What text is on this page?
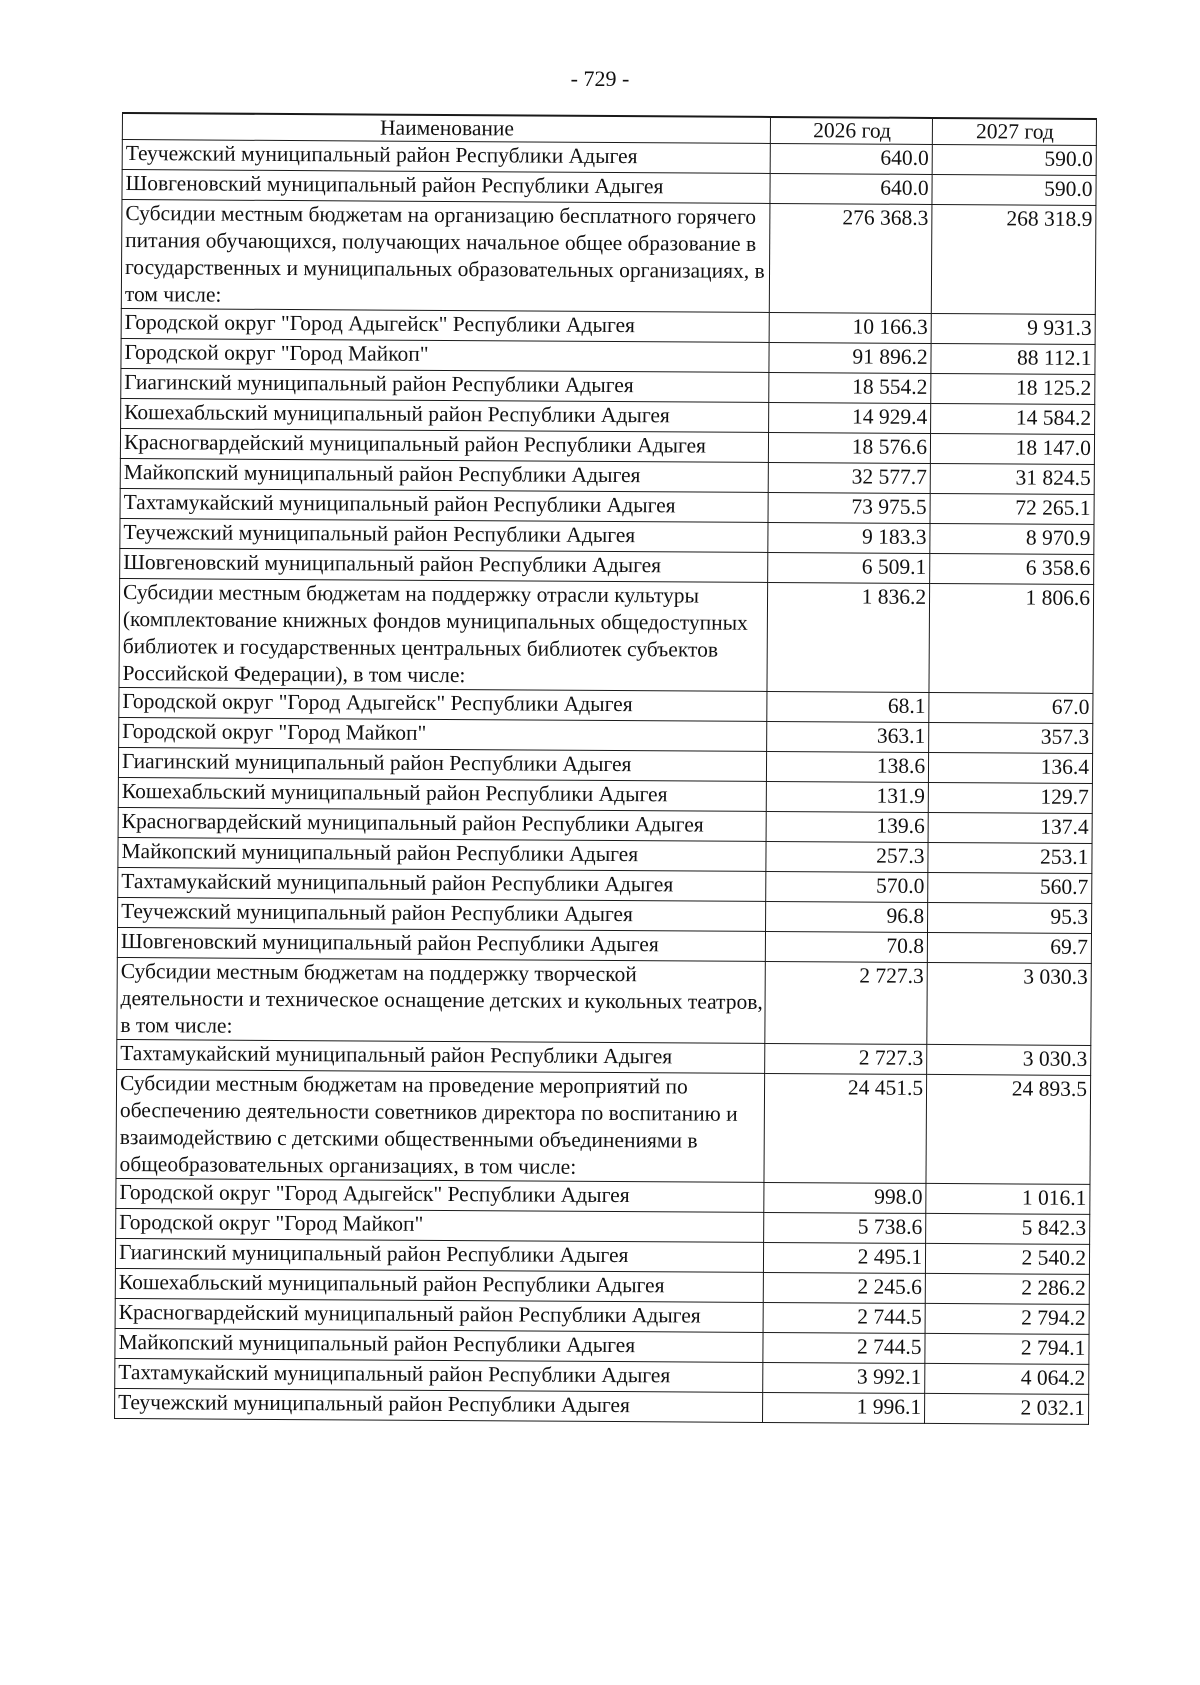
- 729 -
Наименование	2026 год	2027 год
Теучежский муниципальный район Республики Адыгея	640.0	590.0
Шовгеновский муниципальный район Республики Адыгея	640.0	590.0
Субсидии местным бюджетам на организацию бесплатного горячего питания обучающихся, получающих начальное общее образование в государственных и муниципальных образовательных организациях, в том числе:	276 368.3	268 318.9
Городской округ "Город Адыгейск" Республики Адыгея	10 166.3	9 931.3
Городской округ "Город Майкоп"	91 896.2	88 112.1
Гиагинский муниципальный район Республики Адыгея	18 554.2	18 125.2
Кошехабльский муниципальный район Республики Адыгея	14 929.4	14 584.2
Красногвардейский муниципальный район Республики Адыгея	18 576.6	18 147.0
Майкопский муниципальный район Республики Адыгея	32 577.7	31 824.5
Тахтамукайский муниципальный район Республики Адыгея	73 975.5	72 265.1
Теучежский муниципальный район Республики Адыгея	9 183.3	8 970.9
Шовгеновский муниципальный район Республики Адыгея	6 509.1	6 358.6
Субсидии местным бюджетам на поддержку отрасли культуры (комплектование книжных фондов муниципальных общедоступных библиотек и государственных центральных библиотек субъектов Российской Федерации), в том числе:	1 836.2	1 806.6
Городской округ "Город Адыгейск" Республики Адыгея	68.1	67.0
Городской округ "Город Майкоп"	363.1	357.3
Гиагинский муниципальный район Республики Адыгея	138.6	136.4
Кошехабльский муниципальный район Республики Адыгея	131.9	129.7
Красногвардейский муниципальный район Республики Адыгея	139.6	137.4
Майкопский муниципальный район Республики Адыгея	257.3	253.1
Тахтамукайский муниципальный район Республики Адыгея	570.0	560.7
Теучежский муниципальный район Республики Адыгея	96.8	95.3
Шовгеновский муниципальный район Республики Адыгея	70.8	69.7
Субсидии местным бюджетам на поддержку творческой деятельности и техническое оснащение детских и кукольных театров, в том числе:	2 727.3	3 030.3
Тахтамукайский муниципальный район Республики Адыгея	2 727.3	3 030.3
Субсидии местным бюджетам на проведение мероприятий по обеспечению деятельности советников директора по воспитанию и взаимодействию с детскими общественными объединениями в общеобразовательных организациях, в том числе:	24 451.5	24 893.5
Городской округ "Город Адыгейск" Республики Адыгея	998.0	1 016.1
Городской округ "Город Майкоп"	5 738.6	5 842.3
Гиагинский муниципальный район Республики Адыгея	2 495.1	2 540.2
Кошехабльский муниципальный район Республики Адыгея	2 245.6	2 286.2
Красногвардейский муниципальный район Республики Адыгея	2 744.5	2 794.2
Майкопский муниципальный район Республики Адыгея	2 744.5	2 794.1
Тахтамукайский муниципальный район Республики Адыгея	3 992.1	4 064.2
Теучежский муниципальный район Республики Адыгея	1 996.1	2 032.1
